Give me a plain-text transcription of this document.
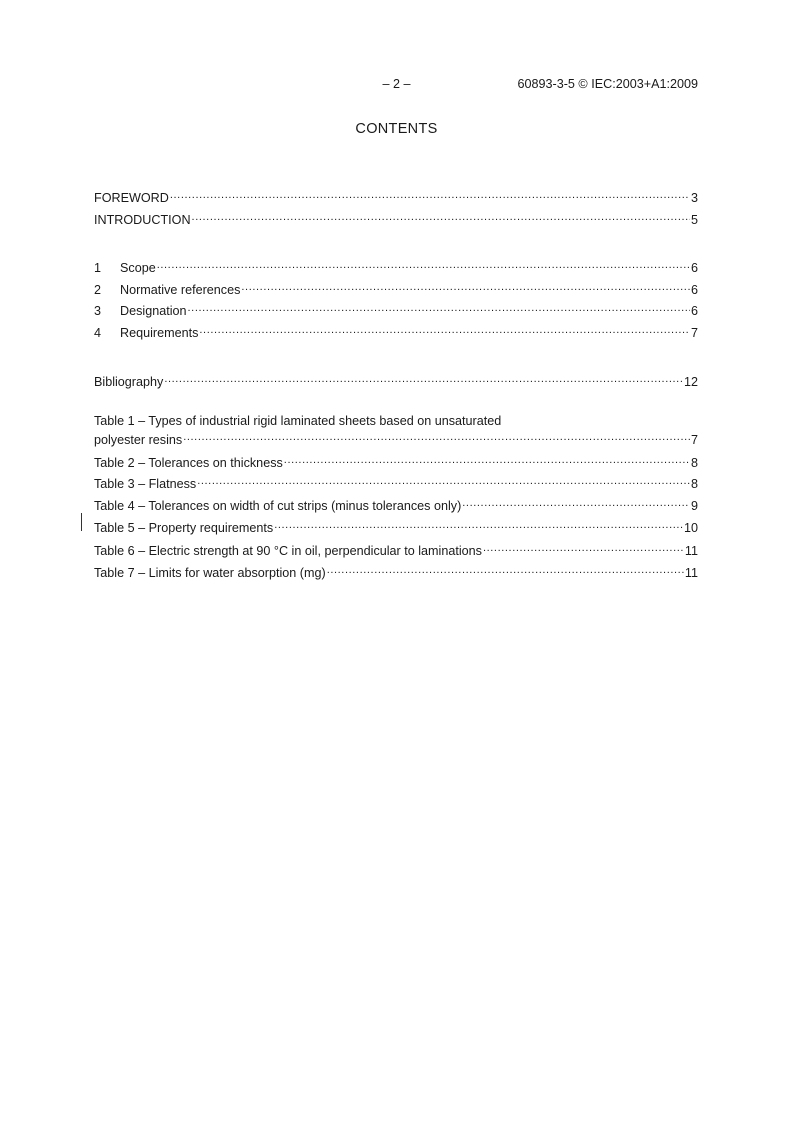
– 2 –	60893-3-5 © IEC:2003+A1:2009
CONTENTS
FOREWORD .....	3
INTRODUCTION .....	5
1	Scope .....	6
2	Normative references .....	6
3	Designation .....	6
4	Requirements .....	7
Bibliography .....	12
Table 1 – Types of industrial rigid laminated sheets based on unsaturated
polyester resins .....	7
Table 2 – Tolerances on thickness .....	8
Table 3 – Flatness .....	8
Table 4 – Tolerances on width of cut strips (minus tolerances only) .....	9
Table 5 – Property requirements .....	10
Table 6 – Electric strength at 90 °C in oil, perpendicular to laminations .....	11
Table 7 – Limits for water absorption (mg) .....	11
